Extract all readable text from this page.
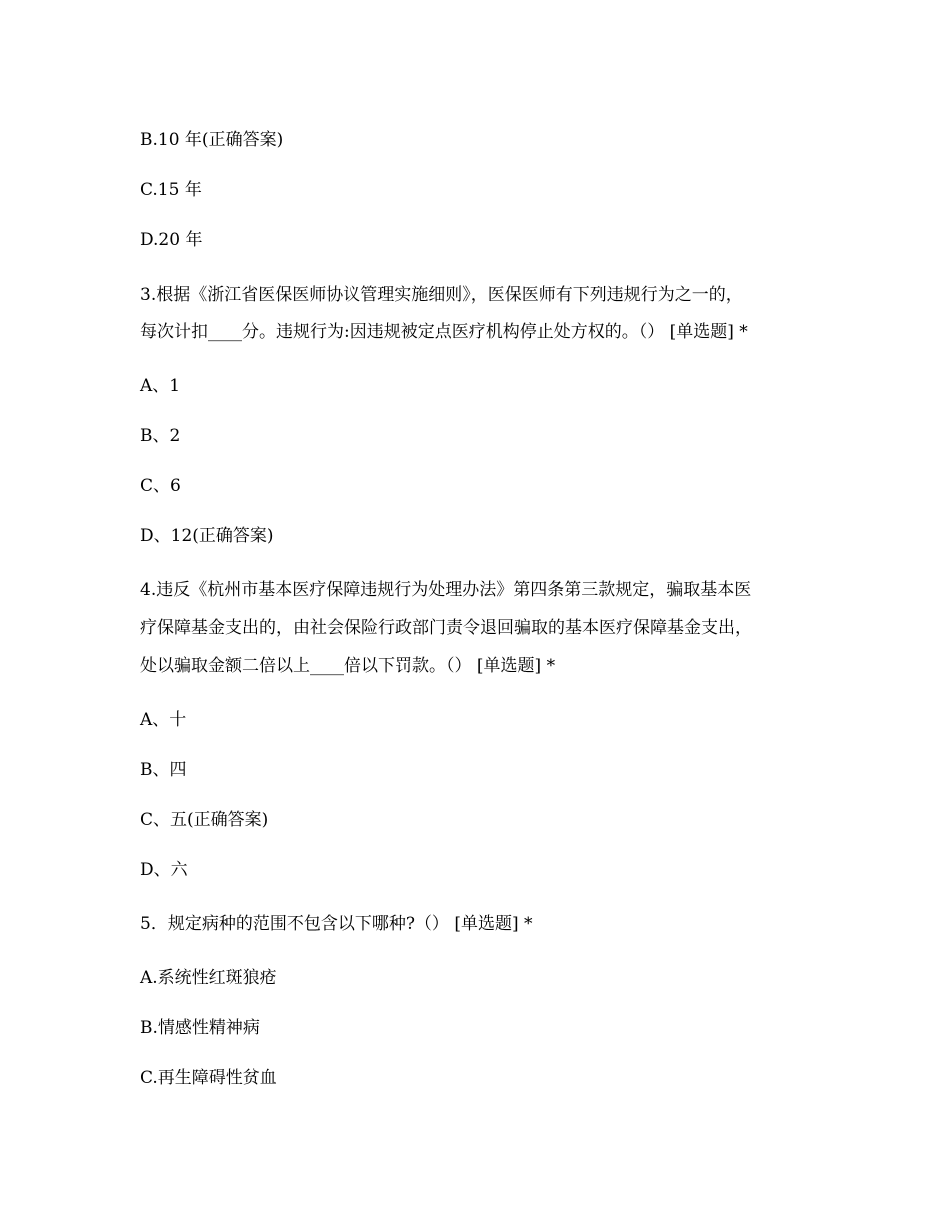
B.10 年(正确答案)
C.15 年
D.20 年
3.根据《浙江省医保医师协议管理实施细则》，医保医师有下列违规行为之一的，
每次计扣____分。违规行为:因违规被定点医疗机构停止处方权的。（） [单选题] *
A、1
B、2
C、6
D、12(正确答案)
4.违反《杭州市基本医疗保障违规行为处理办法》第四条第三款规定，骗取基本医
疗保障基金支出的，由社会保险行政部门责令退回骗取的基本医疗保障基金支出，
处以骗取金额二倍以上____倍以下罚款。（） [单选题] *
A、十
B、四
C、五(正确答案)
D、六
5．规定病种的范围不包含以下哪种?（） [单选题] *
A.系统性红斑狼疮
B.情感性精神病
C.再生障碍性贫血
